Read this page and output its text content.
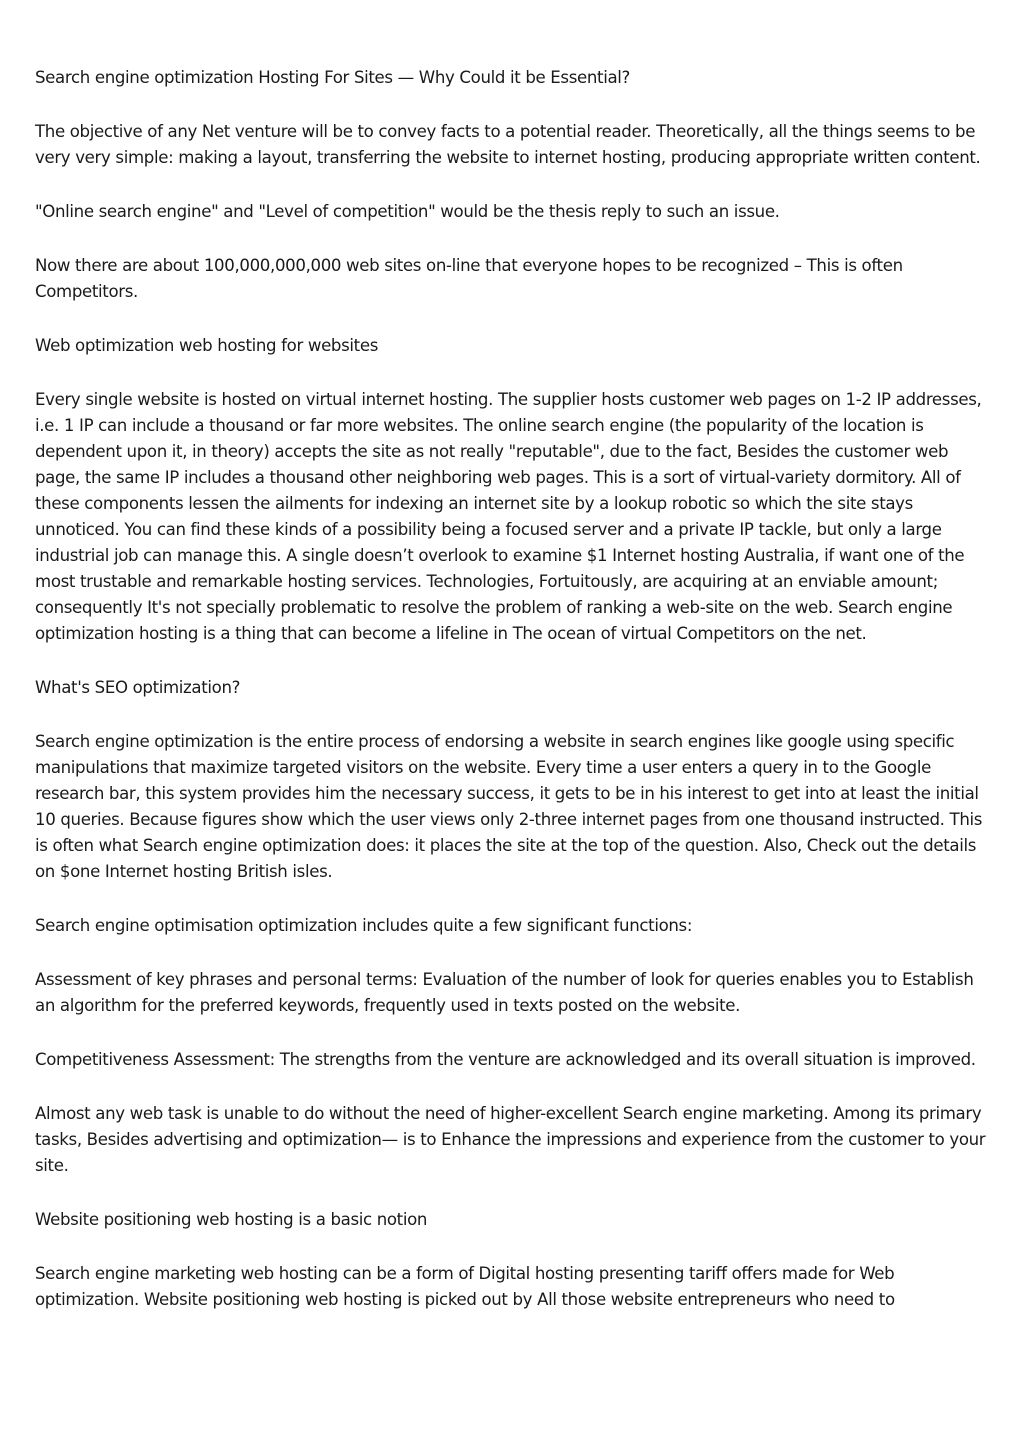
Search engine optimization Hosting For Sites — Why Could it be Essential?

The objective of any Net venture will be to convey facts to a potential reader. Theoretically, all the things seems to be very very simple: making a layout, transferring the website to internet hosting, producing appropriate written content.

"Online search engine" and "Level of competition" would be the thesis reply to such an issue.

Now there are about 100,000,000,000 web sites on-line that everyone hopes to be recognized – This is often Competitors.

Web optimization web hosting for websites

Every single website is hosted on virtual internet hosting. The supplier hosts customer web pages on 1-2 IP addresses, i.e. 1 IP can include a thousand or far more websites. The online search engine (the popularity of the location is dependent upon it, in theory) accepts the site as not really "reputable", due to the fact, Besides the customer web page, the same IP includes a thousand other neighboring web pages. This is a sort of virtual-variety dormitory. All of these components lessen the ailments for indexing an internet site by a lookup robotic so which the site stays unnoticed. You can find these kinds of a possibility being a focused server and a private IP tackle, but only a large industrial job can manage this. A single doesn’t overlook to examine $1 Internet hosting Australia, if want one of the most trustable and remarkable hosting services. Technologies, Fortuitously, are acquiring at an enviable amount; consequently It's not specially problematic to resolve the problem of ranking a web-site on the web. Search engine optimization hosting is a thing that can become a lifeline in The ocean of virtual Competitors on the net.

What's SEO optimization?

Search engine optimization is the entire process of endorsing a website in search engines like google using specific manipulations that maximize targeted visitors on the website. Every time a user enters a query in to the Google research bar, this system provides him the necessary success, it gets to be in his interest to get into at least the initial 10 queries. Because figures show which the user views only 2-three internet pages from one thousand instructed. This is often what Search engine optimization does: it places the site at the top of the question. Also, Check out the details on $one Internet hosting British isles.

Search engine optimisation optimization includes quite a few significant functions:

Assessment of key phrases and personal terms: Evaluation of the number of look for queries enables you to Establish an algorithm for the preferred keywords, frequently used in texts posted on the website.

Competitiveness Assessment: The strengths from the venture are acknowledged and its overall situation is improved.

Almost any web task is unable to do without the need of higher-excellent Search engine marketing. Among its primary tasks, Besides advertising and optimization— is to Enhance the impressions and experience from the customer to your site.

Website positioning web hosting is a basic notion

Search engine marketing web hosting can be a form of Digital hosting presenting tariff offers made for Web optimization. Website positioning web hosting is picked out by All those website entrepreneurs who need to
